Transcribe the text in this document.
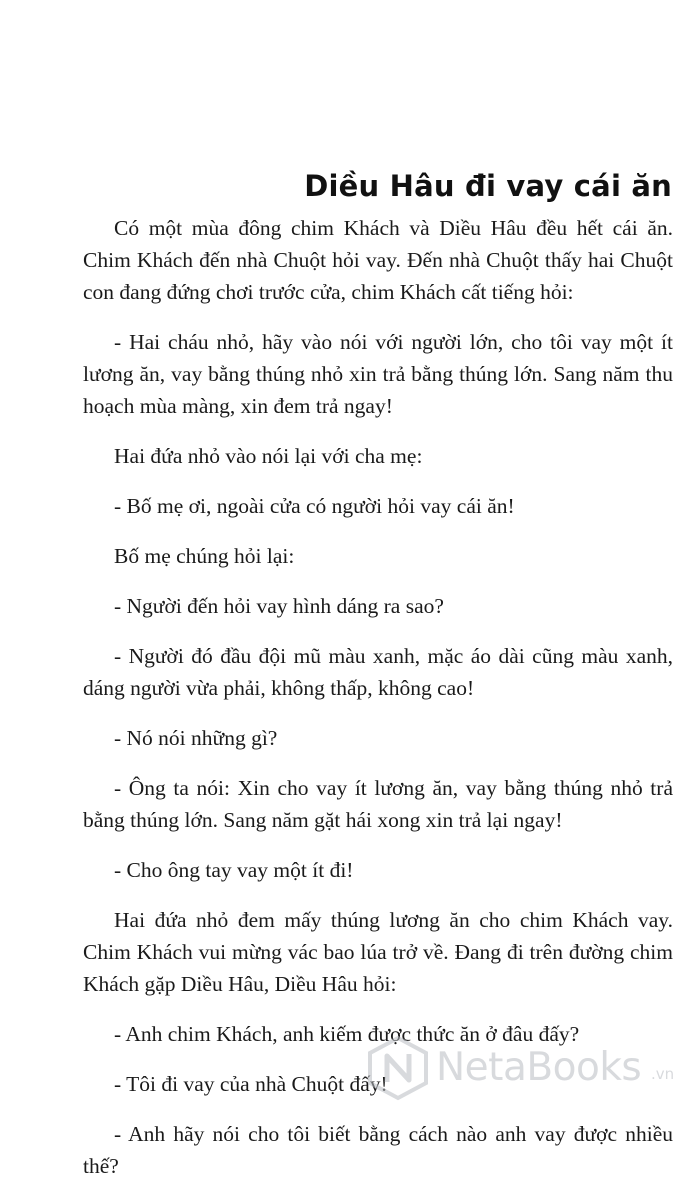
Diều Hâu đi vay cái ăn

Có một mùa đông chim Khách và Diều Hâu đều hết cái ăn. Chim Khách đến nhà Chuột hỏi vay. Đến nhà Chuột thấy hai Chuột con đang đứng chơi trước cửa, chim Khách cất tiếng hỏi:

- Hai cháu nhỏ, hãy vào nói với người lớn, cho tôi vay một ít lương ăn, vay bằng thúng nhỏ xin trả bằng thúng lớn. Sang năm thu hoạch mùa màng, xin đem trả ngay!

Hai đứa nhỏ vào nói lại với cha mẹ:

- Bố mẹ ơi, ngoài cửa có người hỏi vay cái ăn!

Bố mẹ chúng hỏi lại:

- Người đến hỏi vay hình dáng ra sao?

- Người đó đầu đội mũ màu xanh, mặc áo dài cũng màu xanh, dáng người vừa phải, không thấp, không cao!

- Nó nói những gì?

- Ông ta nói: Xin cho vay ít lương ăn, vay bằng thúng nhỏ trả bằng thúng lớn. Sang năm gặt hái xong xin trả lại ngay!

- Cho ông tay vay một ít đi!

Hai đứa nhỏ đem mấy thúng lương ăn cho chim Khách vay. Chim Khách vui mừng vác bao lúa trở về. Đang đi trên đường chim Khách gặp Diều Hâu, Diều Hâu hỏi:

- Anh chim Khách, anh kiếm được thức ăn ở đâu đấy?

- Tôi đi vay của nhà Chuột đấy!

- Anh hãy nói cho tôi biết bằng cách nào anh vay được nhiều thế?

NetaBooks .vn
